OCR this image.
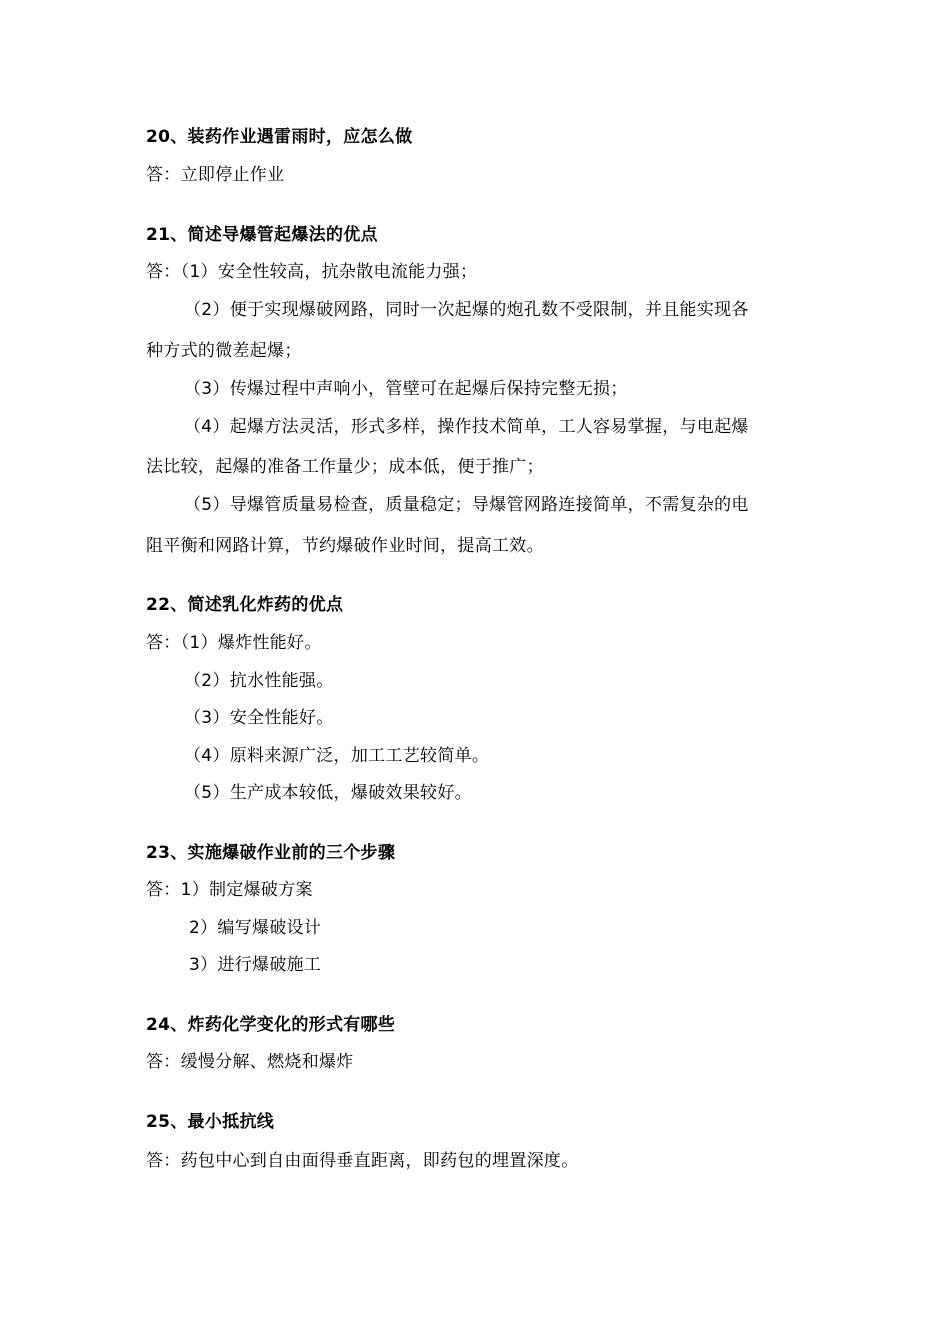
20、装药作业遇雷雨时，应怎么做
答：立即停止作业
21、简述导爆管起爆法的优点
答：（1）安全性较高，抗杂散电流能力强；
（2）便于实现爆破网路，同时一次起爆的炮孔数不受限制，并且能实现各
种方式的微差起爆；
（3）传爆过程中声响小，管壁可在起爆后保持完整无损；
（4）起爆方法灵活，形式多样，操作技术简单，工人容易掌握，与电起爆
法比较，起爆的准备工作量少；成本低，便于推广；
（5）导爆管质量易检查，质量稳定；导爆管网路连接简单，不需复杂的电
阻平衡和网路计算，节约爆破作业时间，提高工效。
22、简述乳化炸药的优点
答：（1）爆炸性能好。
（2）抗水性能强。
（3）安全性能好。
（4）原料来源广泛，加工工艺较简单。
（5）生产成本较低，爆破效果较好。
23、实施爆破作业前的三个步骤
答：1）制定爆破方案
2）编写爆破设计
3）进行爆破施工
24、炸药化学变化的形式有哪些
答：缓慢分解、燃烧和爆炸
25、最小抵抗线
答：药包中心到自由面得垂直距离，即药包的埋置深度。
